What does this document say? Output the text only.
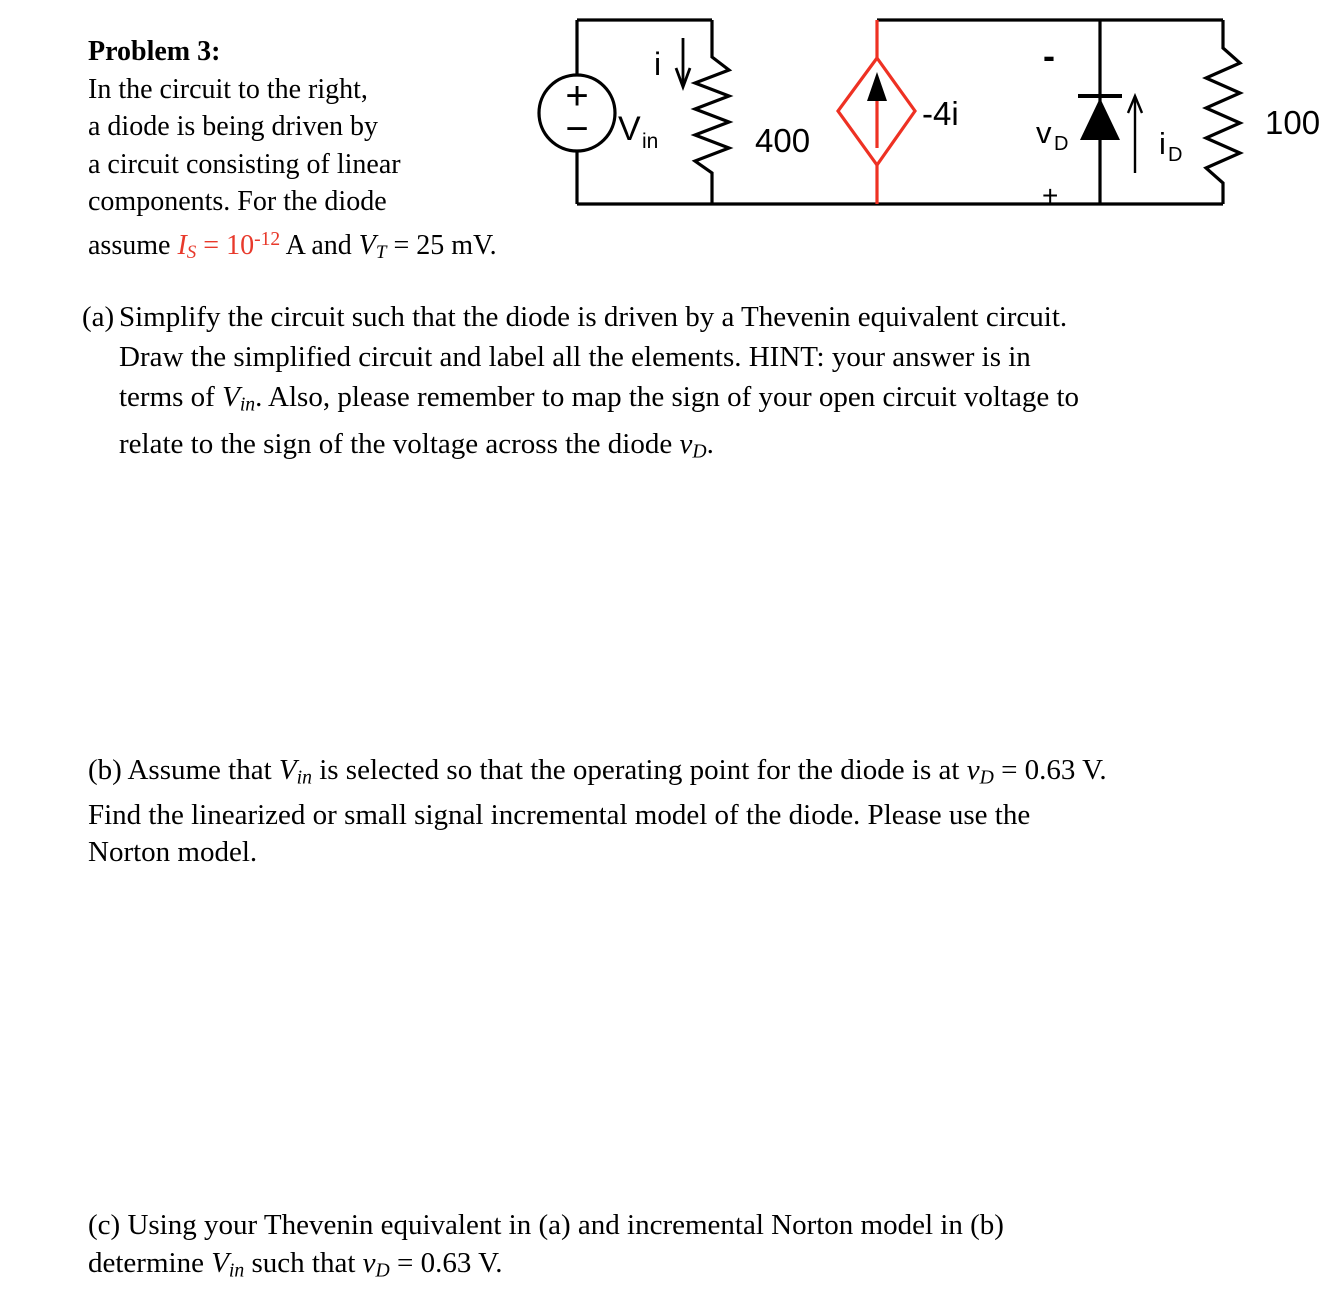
Problem 3:
In the circuit to the right,
a diode is being driven by
a circuit consisting of linear
components. For the diode
assume IS = $10^{-12}$ A and VT = 25 mV.
+
− V in
i
400
-4i
-
v D
+
i D
100
(a) Simplify the circuit such that the diode is driven by a Thevenin equivalent circuit.
Draw the simplified circuit and label all the elements. HINT: your answer is in
terms of Vin. Also, please remember to map the sign of your open circuit voltage to
relate to the sign of the voltage across the diode vD.
(b) Assume that Vin is selected so that the operating point for the diode is at vD = 0.63 V.
Find the linearized or small signal incremental model of the diode. Please use the
Norton model.
(c) Using your Thevenin equivalent in (a) and incremental Norton model in (b)
determine Vin such that vD = 0.63 V.
